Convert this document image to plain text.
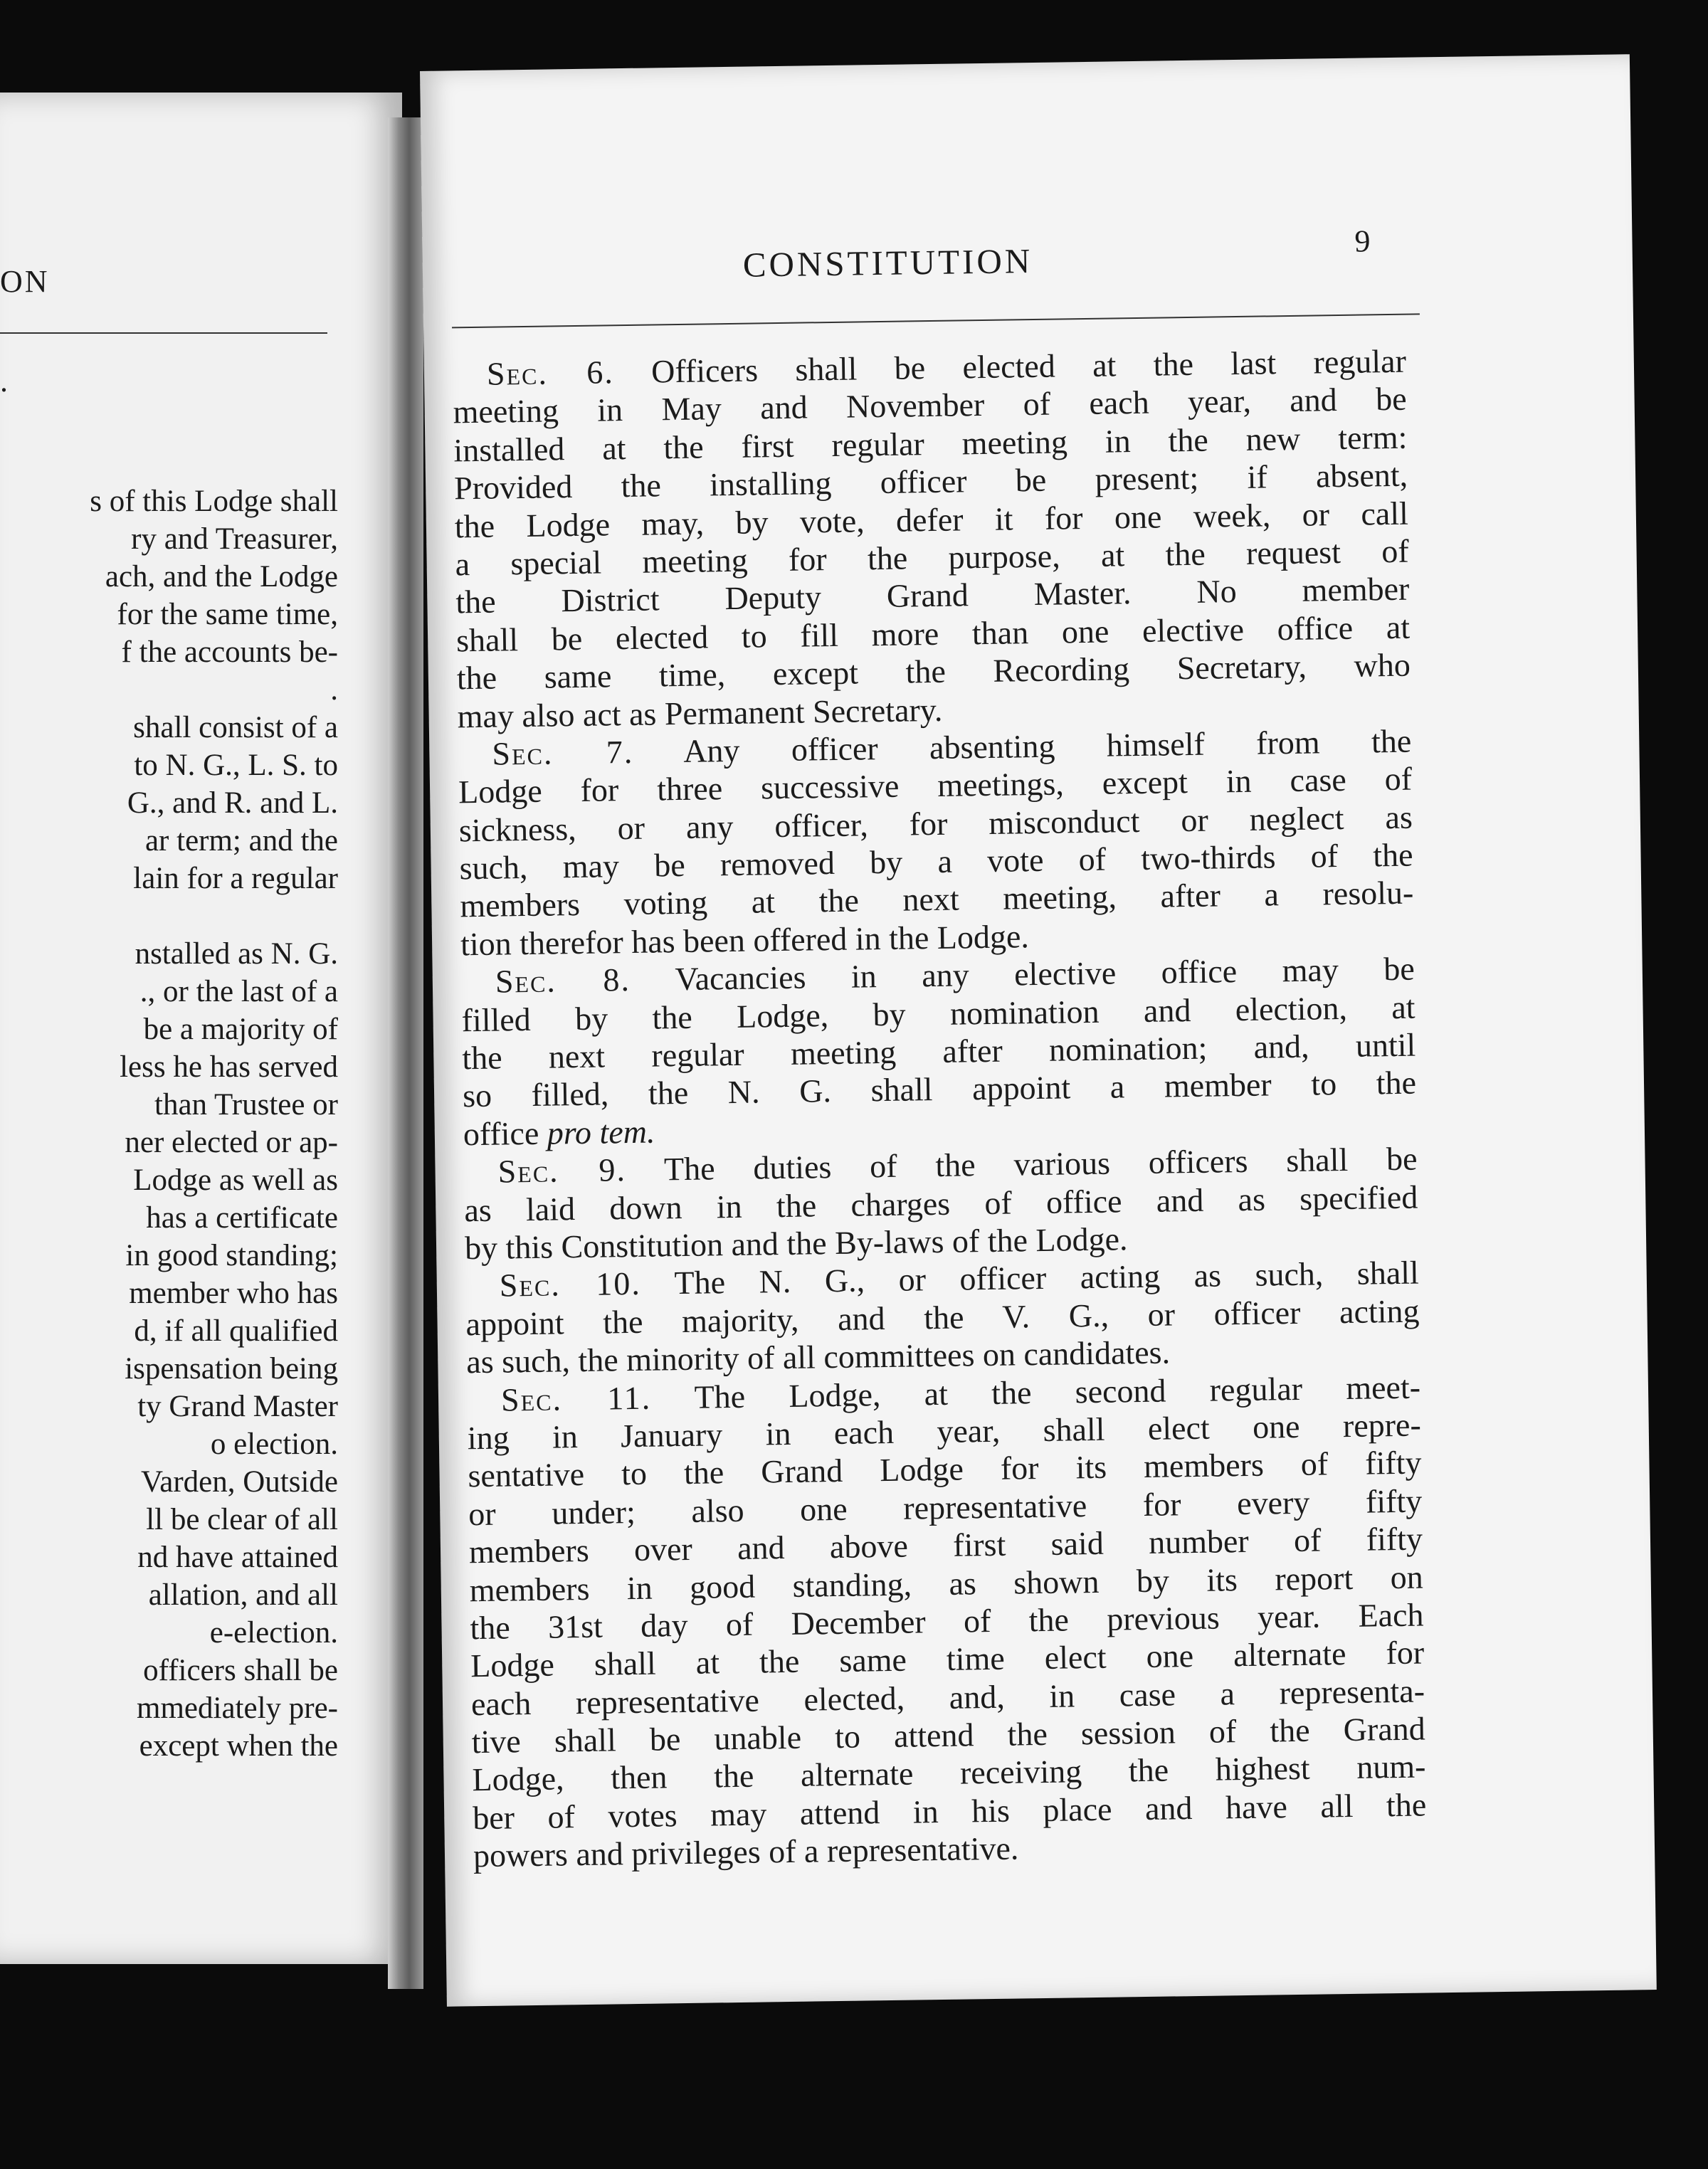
ON
.
s of this Lodge shall
ry and Treasurer,
ach, and the Lodge
for the same time,
f the accounts be-
.
shall consist of a
to N. G., L. S. to
G., and R. and L.
ar term; and the
lain for a regular
nstalled as N. G.
., or the last of a
be a majority of
less he has served
than Trustee or
ner elected or ap-
Lodge as well as
has a certificate
in good standing;
member who has
d, if all qualified
ispensation being
ty Grand Master
o election.
Varden, Outside
ll be clear of all
nd have attained
allation, and all
e-election.
officers shall be
mmediately pre-
except when the
CONSTITUTION	9
Sec. 6. Officers shall be elected at the last regular
meeting in May and November of each year, and be
installed at the first regular meeting in the new term:
Provided the installing officer be present; if absent,
the Lodge may, by vote, defer it for one week, or call
a special meeting for the purpose, at the request of
the District Deputy Grand Master. No member
shall be elected to fill more than one elective office at
the same time, except the Recording Secretary, who
may also act as Permanent Secretary.
Sec. 7. Any officer absenting himself from the
Lodge for three successive meetings, except in case of
sickness, or any officer, for misconduct or neglect as
such, may be removed by a vote of two-thirds of the
members voting at the next meeting, after a resolu-
tion therefor has been offered in the Lodge.
Sec. 8. Vacancies in any elective office may be
filled by the Lodge, by nomination and election, at
the next regular meeting after nomination; and, until
so filled, the N. G. shall appoint a member to the
office pro tem.
Sec. 9. The duties of the various officers shall be
as laid down in the charges of office and as specified
by this Constitution and the By-laws of the Lodge.
Sec. 10. The N. G., or officer acting as such, shall
appoint the majority, and the V. G., or officer acting
as such, the minority of all committees on candidates.
Sec. 11. The Lodge, at the second regular meet-
ing in January in each year, shall elect one repre-
sentative to the Grand Lodge for its members of fifty
or under; also one representative for every fifty
members over and above first said number of fifty
members in good standing, as shown by its report on
the 31st day of December of the previous year. Each
Lodge shall at the same time elect one alternate for
each representative elected, and, in case a representa-
tive shall be unable to attend the session of the Grand
Lodge, then the alternate receiving the highest num-
ber of votes may attend in his place and have all the
powers and privileges of a representative.
